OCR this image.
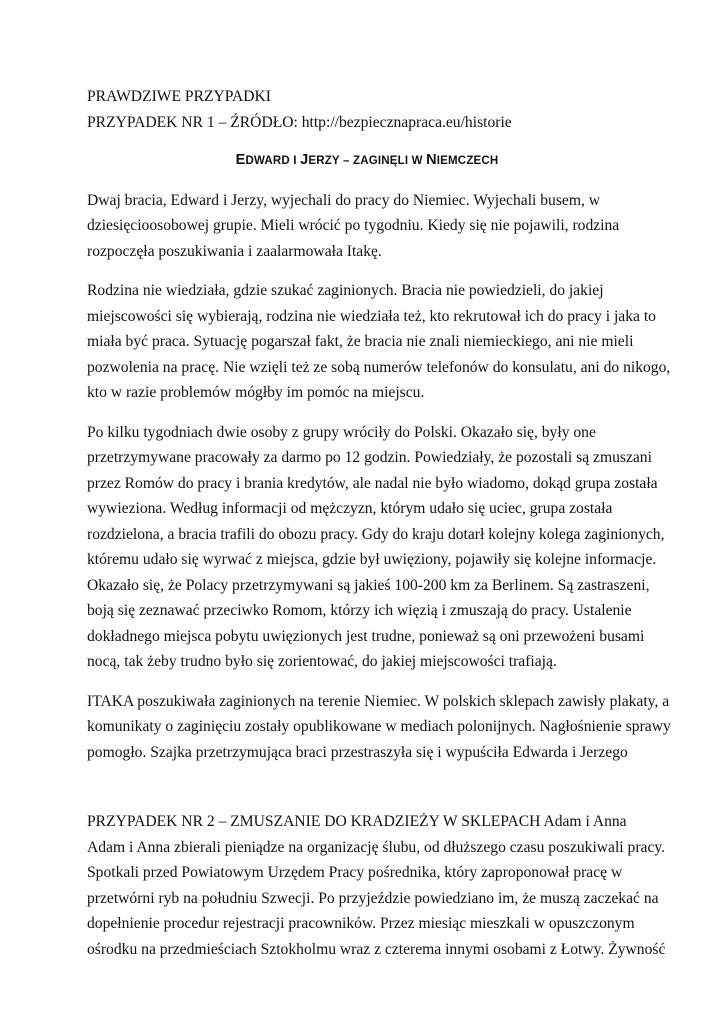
PRAWDZIWE PRZYPADKI

PRZYPADEK NR 1 – ŹRÓDŁO: http://bezpiecznapraca.eu/historie

EDWARD I JERZY – ZAGINĘLI W NIEMCZECH

Dwaj bracia, Edward i Jerzy, wyjechali do pracy do Niemiec. Wyjechali busem, w
dziesięcioosobowej grupie. Mieli wrócić po tygodniu. Kiedy się nie pojawili, rodzina
rozpoczęła poszukiwania i zaalarmowała Itakę.
Rodzina nie wiedziała, gdzie szukać zaginionych. Bracia nie powiedzieli, do jakiej
miejscowości się wybierają, rodzina nie wiedziała też, kto rekrutował ich do pracy i jaka to
miała być praca. Sytuację pogarszał fakt, że bracia nie znali niemieckiego, ani nie mieli
pozwolenia na pracę. Nie wzięli też ze sobą numerów telefonów do konsulatu, ani do nikogo,
kto w razie problemów mógłby im pomóc na miejscu.
Po kilku tygodniach dwie osoby z grupy wróciły do Polski. Okazało się, były one
przetrzymywane pracowały za darmo po 12 godzin. Powiedziały, że pozostali są zmuszani
przez Romów do pracy i brania kredytów, ale nadal nie było wiadomo, dokąd grupa została
wywieziona. Według informacji od mężczyzn, którym udało się uciec, grupa została
rozdzielona, a bracia trafili do obozu pracy. Gdy do kraju dotarł kolejny kolega zaginionych,
któremu udało się wyrwać z miejsca, gdzie był uwięziony, pojawiły się kolejne informacje.
Okazało się, że Polacy przetrzymywani są jakieś 100-200 km za Berlinem. Są zastraszeni,
boją się zeznawać przeciwko Romom, którzy ich więzią i zmuszają do pracy. Ustalenie
dokładnego miejsca pobytu uwięzionych jest trudne, ponieważ są oni przewożeni busami
nocą, tak żeby trudno było się zorientować, do jakiej miejscowości trafiają.
ITAKA poszukiwała zaginionych na terenie Niemiec. W polskich sklepach zawisły plakaty, a
komunikaty o zaginięciu zostały opublikowane w mediach polonijnych. Nagłośnienie sprawy
pomogło. Szajka przetrzymująca braci przestraszyła się i wypuściła Edwarda i Jerzego
PRZYPADEK NR 2 – ZMUSZANIE DO KRADZIEŻY W SKLEPACH Adam i Anna
Adam i Anna zbierali pieniądze na organizację ślubu, od dłuższego czasu poszukiwali pracy.
Spotkali przed Powiatowym Urzędem Pracy pośrednika, który zaproponował pracę w
przetwórni ryb na południu Szwecji. Po przyjeździe powiedziano im, że muszą zaczekać na
dopełnienie procedur rejestracji pracowników. Przez miesiąc mieszkali w opuszczonym
ośrodku na przedmieściach Sztokholmu wraz z czterema innymi osobami z Łotwy. Żywność
